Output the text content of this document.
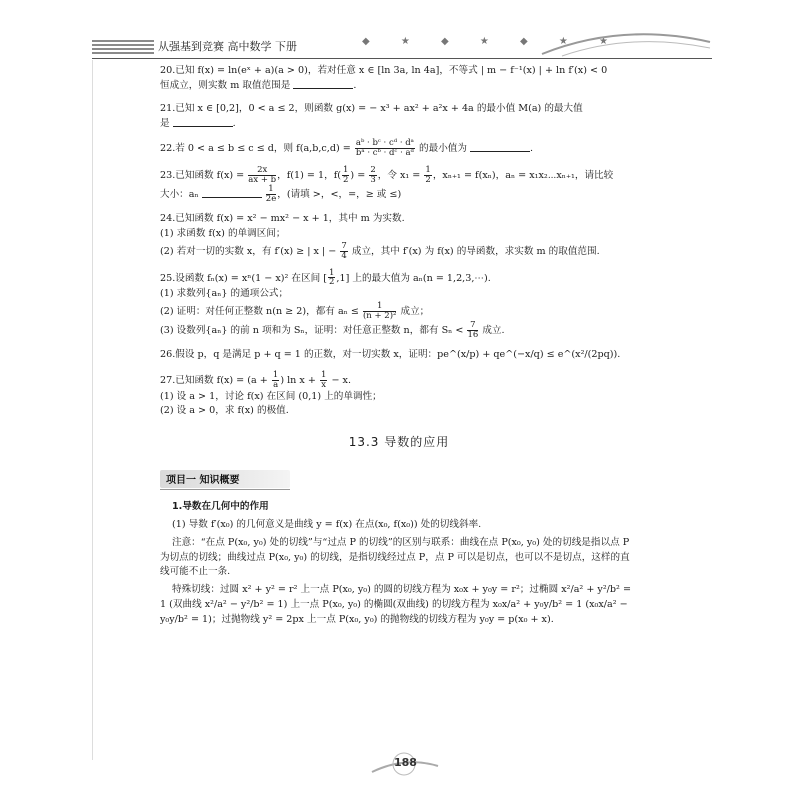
从强基到竞赛 高中数学 下册	◆ ★ ◆ ★ ◆ ★ ★

20.已知 f(x) = ln(eˣ + a)(a > 0)，若对任意 x ∈ [ln 3a, ln 4a]，不等式 | m − f⁻¹(x) | + ln f′(x) < 0

恒成立，则实数 m 取值范围是	.

21.已知 x ∈ [0,2]，0 < a ≤ 2，则函数 g(x) = − x³ + ax² + a²x + 4a 的最小值 M(a) 的最大值

是	.

22.若 0 < a ≤ b ≤ c ≤ d，则 $f(a,b,c,d) = \frac{\text{aᵇ · bᶜ · cᵈ · dᵃ}}{\text{bᵃ · cᵇ · dᶜ · aᵈ}}$ 的最小值为	.

23.已知函数 $f(x) = \frac{2x}{ax + b}$ ，f(1) = 1，$f( \frac{1}{2}$ ) = $\frac{2}{3}$ ，令 $x_1 = \frac{1}{2}$ ，xₙ₊₁ = f(xₙ)，aₙ = x₁x₂⋯xₙ₊₁，请比较

大小：aₙ	$\frac{1}{2e}$ ，(请填 >，<，=，≥ 或 ≤)

24.已知函数 f(x) = x² − mx² − x + 1，其中 m 为实数.

(1) 求函数 f(x) 的单调区间；

(2) 若对一切的实数 x，有 f′(x) ≥ | x | − $\frac{7}{4}$ 成立，其中 f′(x) 为 f(x) 的导函数，求实数 m 的取值范围.

25.设函数 fₙ(x) = xⁿ(1 − x)² 在区间 [ $\frac{1}{2} ,1$] 上的最大值为 aₙ(n = 1,2,3,⋯).

(1) 求数列{aₙ} 的通项公式；

(2) 证明：对任何正整数 n(n ≥ 2)，都有 $a_n \le \frac{1}{\text{(n + 2)²}}$ 成立；

(3) 设数列{aₙ} 的前 n 项和为 Sₙ，证明：对任意正整数 n，都有 $S_n < \frac{7}{16}$ 成立.

26.假设 p，q 是满足 p + q = 1 的正数，对一切实数 x，证明：pe^(x/p) + qe^(−x/q) ≤ e^(x²/(2pq)).

27.已知函数 $f(x) = (a + \frac{1}{a}$ ) $\ln x + \frac{1}{x} - x$.

(1) 设 a > 1，讨论 f(x) 在区间 (0,1) 上的单调性；

(2) 设 a > 0，求 f(x) 的极值.

13.3 导数的应用
项目一 知识概要
1.导数在几何中的作用

(1) 导数 f′(x₀) 的几何意义是曲线 y = f(x) 在点(x₀, f(x₀)) 处的切线斜率.

注意：“在点 P(x₀, y₀) 处的切线”与“过点 P 的切线”的区别与联系：曲线在点 P(x₀, y₀) 处的切线是指以点 P 为切点的切线；曲线过点 P(x₀, y₀) 的切线，是指切线经过点 P，点 P 可以是切点，也可以不是切点，这样的直线可能不止一条.

特殊切线：过圆 x² + y² = r² 上一点 P(x₀, y₀) 的圆的切线方程为 x₀x + y₀y = r²；过椭圆 x²/a² + y²/b² = 1 (双曲线 x²/a² − y²/b² = 1) 上一点 P(x₀, y₀) 的椭圆(双曲线) 的切线方程为 x₀x/a² + y₀y/b² = 1 (x₀x/a² − y₀y/b² = 1)；过抛物线 y² = 2px 上一点 P(x₀, y₀) 的抛物线的切线方程为 y₀y = p(x₀ + x).

188
